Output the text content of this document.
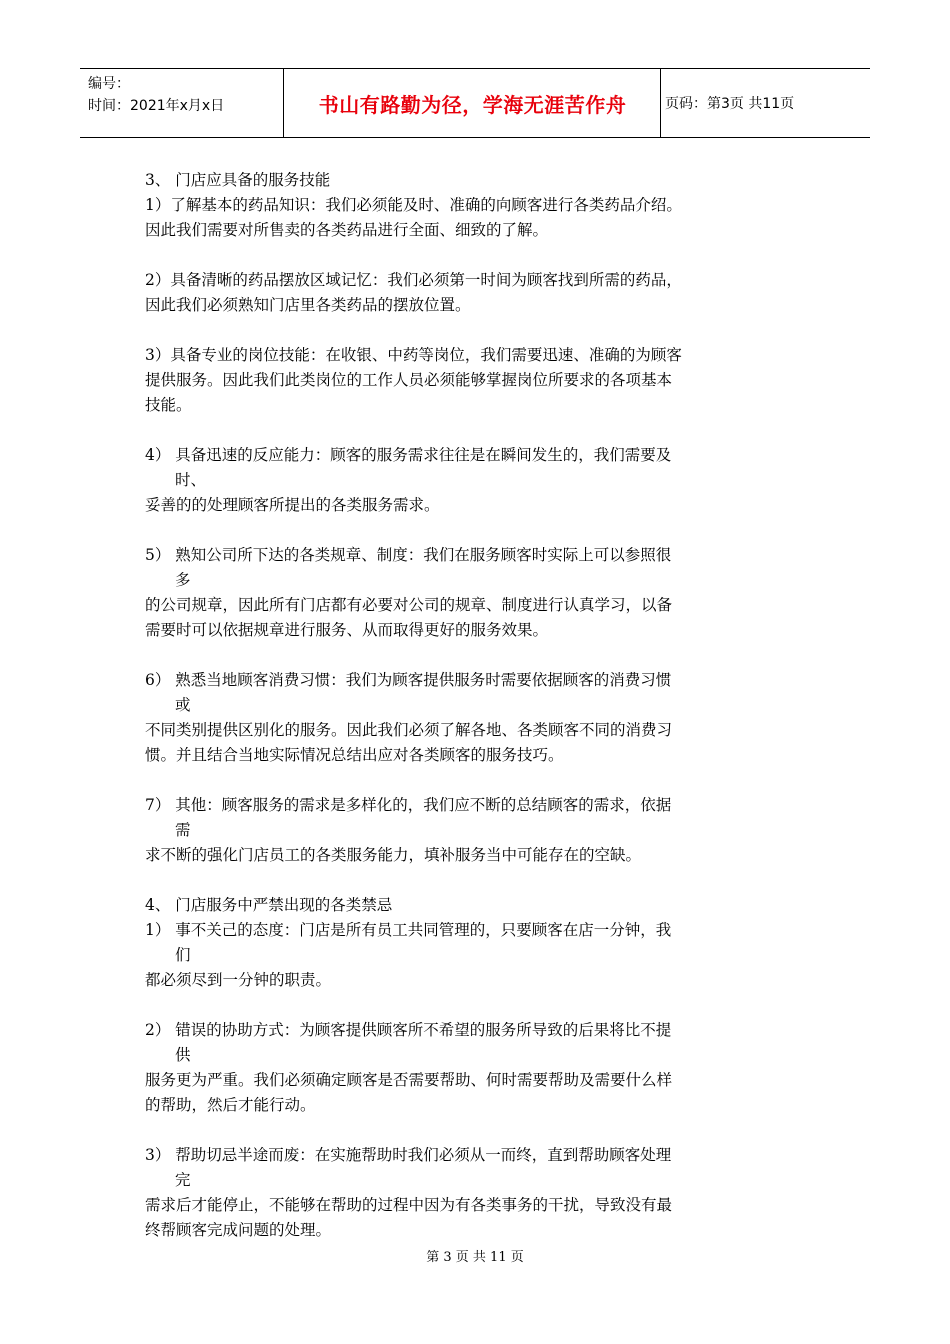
编号：
时间：2021年x月x日	书山有路勤为径，学海无涯苦作舟	页码：第3页 共11页

3、 门店应具备的服务技能

1）了解基本的药品知识：我们必须能及时、准确的向顾客进行各类药品介绍。

因此我们需要对所售卖的各类药品进行全面、细致的了解。

2）具备清晰的药品摆放区域记忆：我们必须第一时间为顾客找到所需的药品，

因此我们必须熟知门店里各类药品的摆放位置。

3）具备专业的岗位技能：在收银、中药等岗位，我们需要迅速、准确的为顾客

提供服务。因此我们此类岗位的工作人员必须能够掌握岗位所要求的各项基本

技能。

4） 具备迅速的反应能力：顾客的服务需求往往是在瞬间发生的，我们需要及

时、

妥善的的处理顾客所提出的各类服务需求。

5） 熟知公司所下达的各类规章、制度：我们在服务顾客时实际上可以参照很

多

的公司规章，因此所有门店都有必要对公司的规章、制度进行认真学习，以备

需要时可以依据规章进行服务、从而取得更好的服务效果。

6） 熟悉当地顾客消费习惯：我们为顾客提供服务时需要依据顾客的消费习惯

或

不同类别提供区别化的服务。因此我们必须了解各地、各类顾客不同的消费习

惯。并且结合当地实际情况总结出应对各类顾客的服务技巧。

7） 其他：顾客服务的需求是多样化的，我们应不断的总结顾客的需求，依据

需

求不断的强化门店员工的各类服务能力，填补服务当中可能存在的空缺。

4、 门店服务中严禁出现的各类禁忌

1） 事不关己的态度：门店是所有员工共同管理的，只要顾客在店一分钟，我

们

都必须尽到一分钟的职责。

2） 错误的协助方式：为顾客提供顾客所不希望的服务所导致的后果将比不提

供

服务更为严重。我们必须确定顾客是否需要帮助、何时需要帮助及需要什么样

的帮助，然后才能行动。

3） 帮助切忌半途而废：在实施帮助时我们必须从一而终，直到帮助顾客处理

完

需求后才能停止，不能够在帮助的过程中因为有各类事务的干扰，导致没有最

终帮顾客完成问题的处理。

第 3 页 共 11 页
